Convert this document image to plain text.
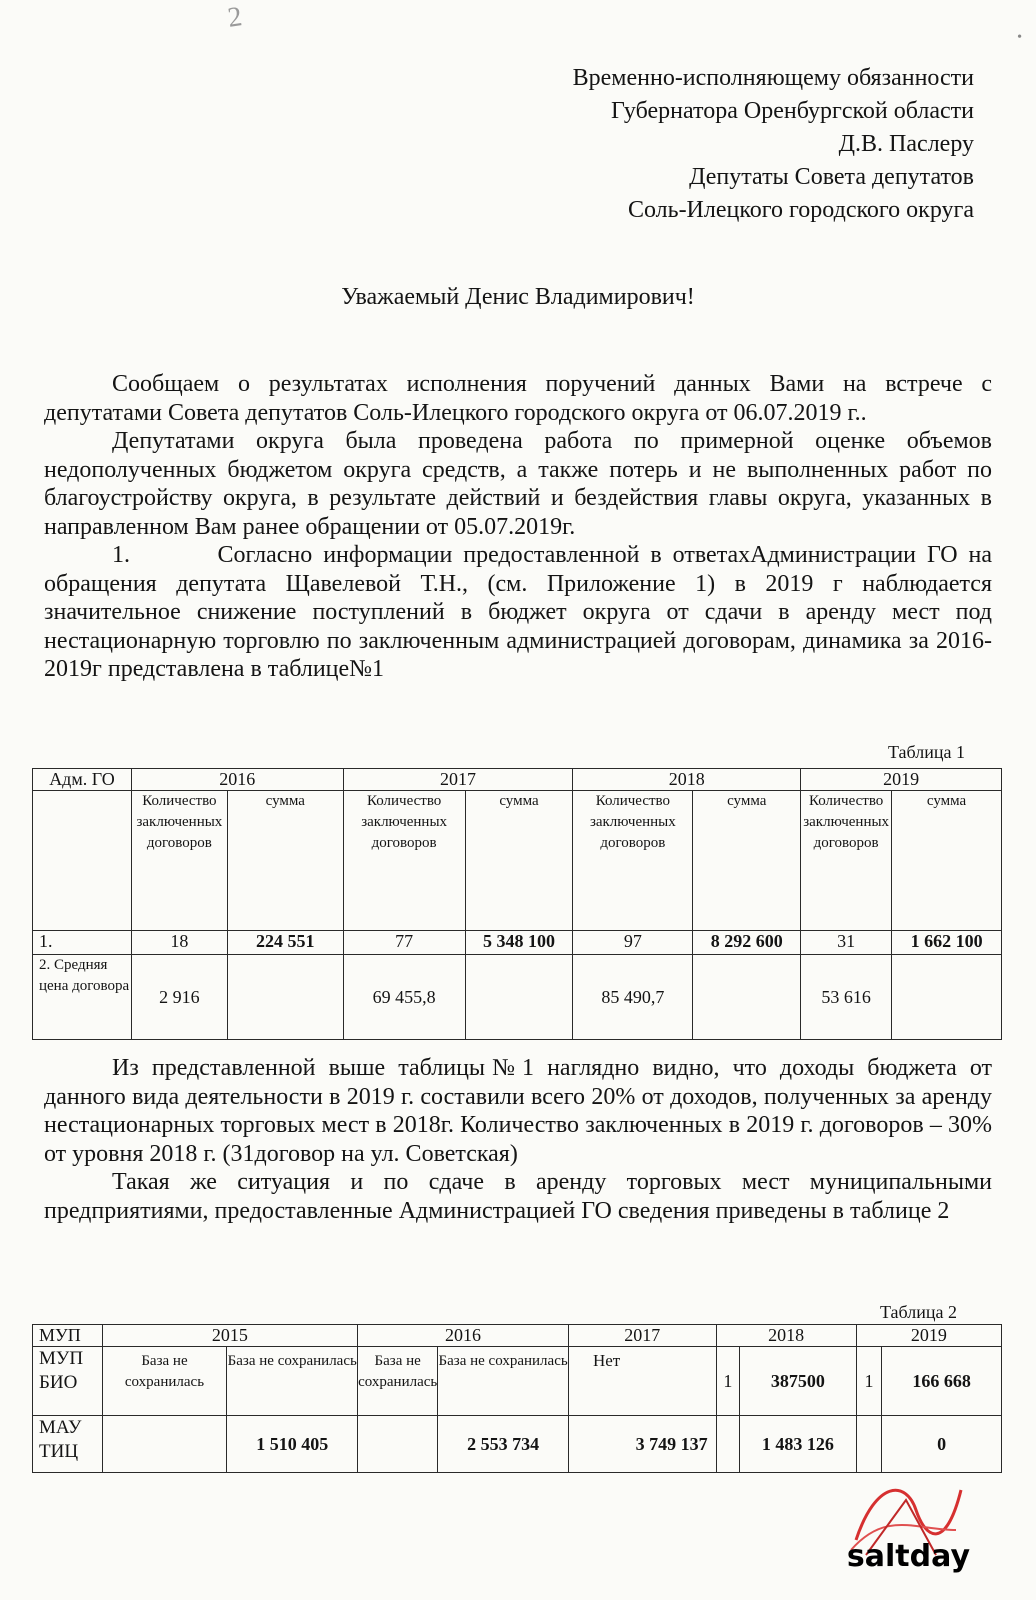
2
•
Временно-исполняющему обязанности
Губернатора Оренбургской области
Д.В. Паслеру
Депутаты Совета депутатов
Соль-Илецкого городского округа
Уважаемый Денис Владимирович!

Сообщаем о результатах исполнения поручений данных Вами на встрече с депутатами Совета депутатов Соль-Илецкого городского округа от 06.07.2019 г..

Депутатами округа была проведена работа по примерной оценке объемов недополученных бюджетом округа средств, а также потерь и не выполненных работ по благоустройству округа, в результате действий и бездействия главы округа, указанных в направленном Вам ранее обращении от 05.07.2019г.

1.        Согласно информации предоставленной в ответахАдминистрации ГО на обращения депутата Щавелевой Т.Н., (см. Приложение 1) в 2019 г наблюдается значительное снижение поступлений в бюджет округа от сдачи в аренду мест под нестационарную торговлю по заключенным администрацией договорам, динамика за 2016-2019г представлена в таблице№1

Таблица 1
Адм. ГО	2016		2017		2018		2019	
	Количество заключенных договоров	сумма	Количество заключенных договоров	сумма	Количество заключенных договоров	сумма	Количество заключенных договоров	сумма
1.	18	224 551	77	5 348 100	97	8 292 600	31	1 662 100
2. Средняя цена договора	2 916		69 455,8		85 490,7		53 616	

Из представленной выше таблицы№1 наглядно видно, что доходы бюджета от данного вида деятельности в 2019 г. составили всего 20% от доходов, полученных за аренду нестационарных торговых мест в 2018г. Количество заключенных в 2019 г. договоров – 30% от уровня 2018 г. (31договор на ул. Советская)

Такая же ситуация и по сдаче в аренду торговых мест муниципальными предприятиями, предоставленные Администрацией ГО сведения приведены в таблице 2

Таблица 2
МУП	2015		2016		2017	2018		2019	
МУП БИО	База не сохранилась	База не сохранилась	База не сохранилась	База не сохранилась	Нет	1	387500	1	166 668
МАУ ТИЦ		1 510 405		2 553 734	3 749 137		1 483 126		0
saltday
